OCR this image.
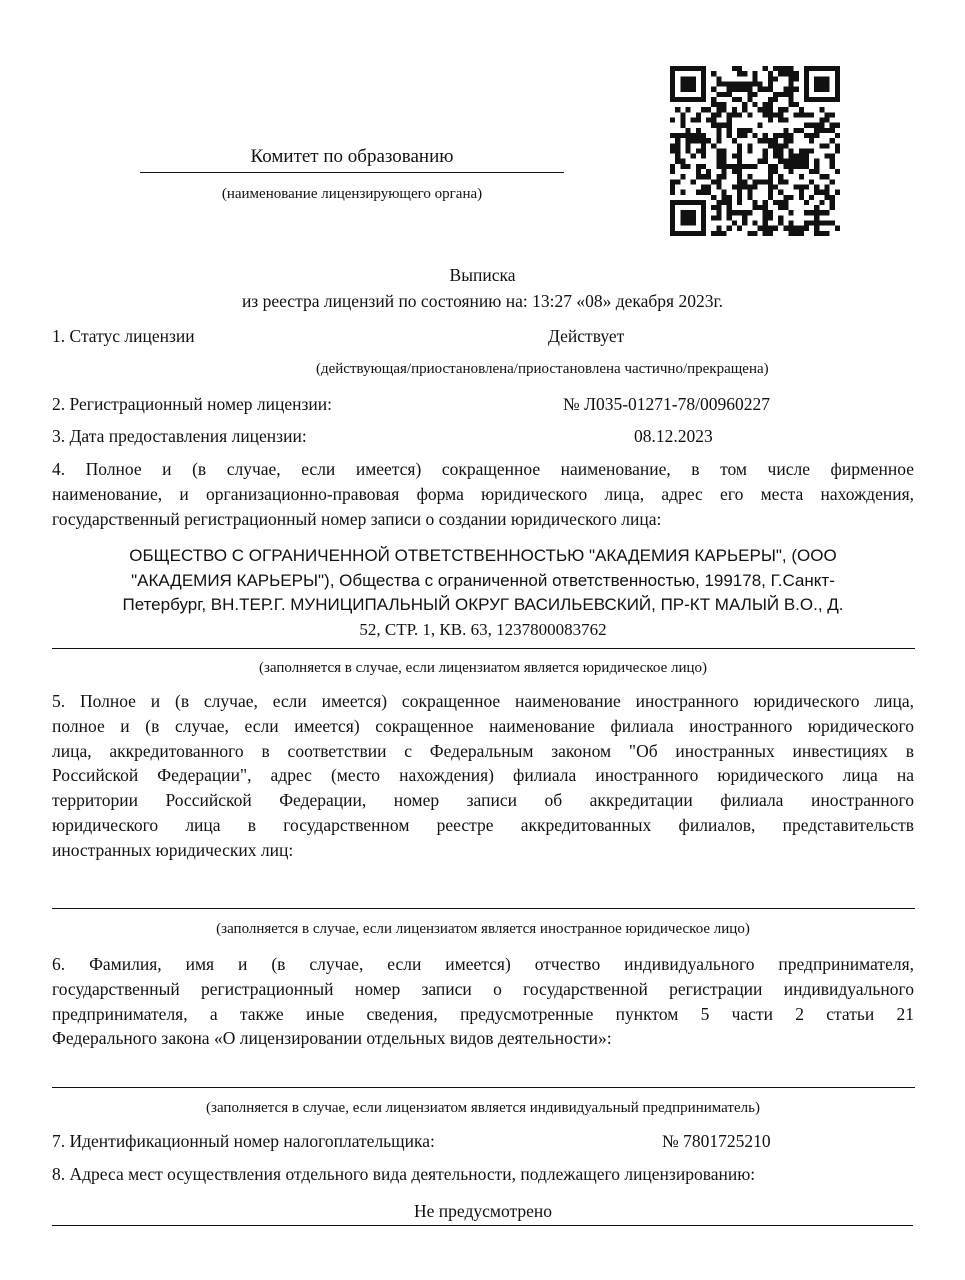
Комитет по образованию
(наименование лицензирующего органа)
Выписка
из реестра лицензий по состоянию на: 13:27 «08» декабря 2023г.
1. Статус лицензии	Действует
(действующая/приостановлена/приостановлена частично/прекращена)
2. Регистрационный номер лицензии:	№ Л035-01271-78/00960227
3. Дата предоставления лицензии:	08.12.2023
4. Полное и (в случае, если имеется) сокращенное наименование, в том числе фирменное
наименование, и организационно-правовая форма юридического лица, адрес его места нахождения,
государственный регистрационный номер записи о создании юридического лица:
ОБЩЕСТВО С ОГРАНИЧЕННОЙ ОТВЕТСТВЕННОСТЬЮ "АКАДЕМИЯ КАРЬЕРЫ", (ООО
"АКАДЕМИЯ КАРЬЕРЫ"), Общества с ограниченной ответственностью, 199178, Г.Санкт-
Петербург, ВН.ТЕР.Г. МУНИЦИПАЛЬНЫЙ ОКРУГ ВАСИЛЬЕВСКИЙ, ПР-КТ МАЛЫЙ В.О., Д.
52, СТР. 1, КВ. 63, 1237800083762
(заполняется в случае, если лицензиатом является юридическое лицо)
5. Полное и (в случае, если имеется) сокращенное наименование иностранного юридического лица,
полное и (в случае, если имеется) сокращенное наименование филиала иностранного юридического
лица, аккредитованного в соответствии с Федеральным законом "Об иностранных инвестициях в
Российской Федерации", адрес (место нахождения) филиала иностранного юридического лица на
территории Российской Федерации, номер записи об аккредитации филиала иностранного
юридического лица в государственном реестре аккредитованных филиалов, представительств
иностранных юридических лиц:
(заполняется в случае, если лицензиатом является иностранное юридическое лицо)
6. Фамилия, имя и (в случае, если имеется) отчество индивидуального предпринимателя,
государственный регистрационный номер записи о государственной регистрации индивидуального
предпринимателя, а также иные сведения, предусмотренные пунктом 5 части 2 статьи 21
Федерального закона «О лицензировании отдельных видов деятельности»:
(заполняется в случае, если лицензиатом является индивидуальный предприниматель)
7. Идентификационный номер налогоплательщика:	№ 7801725210
8. Адреса мест осуществления отдельного вида деятельности, подлежащего лицензированию:
Не предусмотрено
